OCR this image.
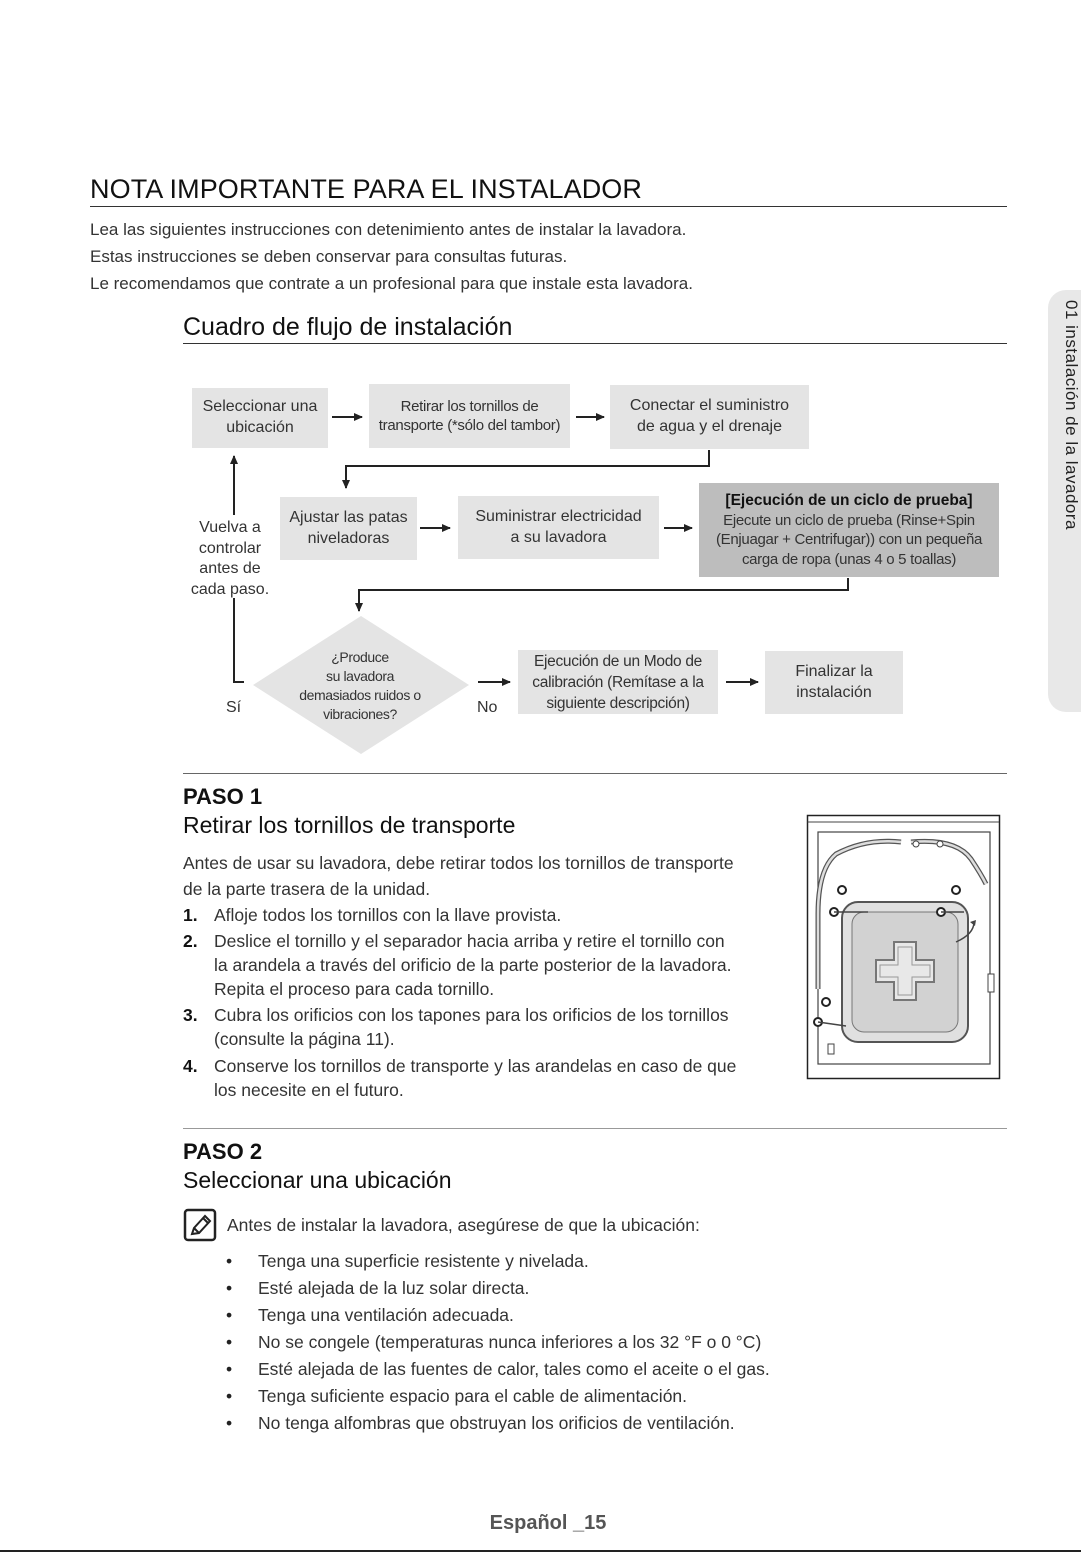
NOTA IMPORTANTE PARA EL INSTALADOR
Lea las siguientes instrucciones con detenimiento antes de instalar la lavadora.
Estas instrucciones se deben conservar para consultas futuras.
Le recomendamos que contrate a un profesional para que instale esta lavadora.
01 instalación de la lavadora
Cuadro de flujo de instalación
Seleccionar una
ubicación
Retirar los tornillos de
transporte (*sólo del tambor)
Conectar el suministro
de agua y el drenaje
Ajustar las patas
niveladoras
Suministrar electricidad
a su lavadora
[Ejecución de un ciclo de prueba]
Ejecute un ciclo de prueba (Rinse+Spin
(Enjuagar + Centrifugar)) con un pequeña
carga de ropa (unas 4 o 5 toallas)
Vuelva a
controlar
antes de
cada paso.
¿Produce
su lavadora
demasiados ruidos o
vibraciones?
Sí	No
Ejecución de un Modo de
calibración (Remítase a la
siguiente descripción)
Finalizar la
instalación
PASO 1
Retirar los tornillos de transporte
Antes de usar su lavadora, debe retirar todos los tornillos de transporte
de la parte trasera de la unidad.
1. Afloje todos los tornillos con la llave provista.
2. Deslice el tornillo y el separador hacia arriba y retire el tornillo con
la arandela a través del orificio de la parte posterior de la lavadora.
Repita el proceso para cada tornillo.
3. Cubra los orificios con los tapones para los orificios de los tornillos
(consulte la página 11).
4. Conserve los tornillos de transporte y las arandelas en caso de que
los necesite en el futuro.
PASO 2
Seleccionar una ubicación
Antes de instalar la lavadora, asegúrese de que la ubicación:
• Tenga una superficie resistente y nivelada.
• Esté alejada de la luz solar directa.
• Tenga una ventilación adecuada.
• No se congele (temperaturas nunca inferiores a los 32 °F o 0 °C)
• Esté alejada de las fuentes de calor, tales como el aceite o el gas.
• Tenga suficiente espacio para el cable de alimentación.
• No tenga alfombras que obstruyan los orificios de ventilación.
Español _15
